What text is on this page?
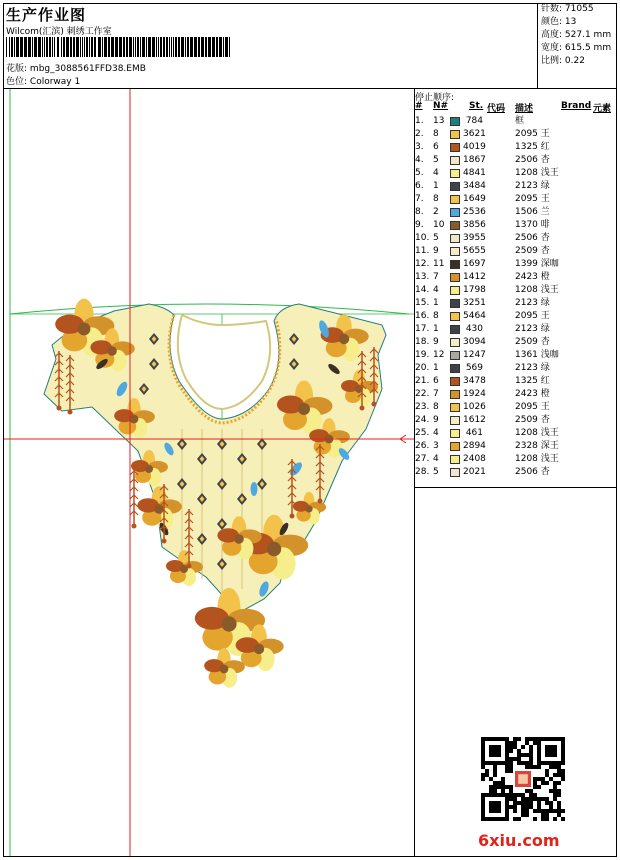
生产作业图
Wilcom(汇滨) 刺绣工作室
花版: mbg_3088561FFD38.EMB
色位: Colorway 1
针数: 71055
颜色: 13
高度: 527.1 mm
宽度: 615.5 mm
比例: 0.22
停止顺序:
# N# St. 代码 描述	Brand 元素
1. 13	784	框
2. 8	3621	2095 王
3. 6	4019	1325 红
4. 5	1867	2506 杏
5. 4	4841	1208 浅王
6. 1	3484	2123 绿
7. 8	1649	2095 王
8. 2	2536	1506 兰
9. 10 3856	1370 啡
10. 5	3955	2506 杏
11. 9	5655	2509 杏
12. 11 1697	1399 深咖
13. 7	1412	2423 橙
14. 4	1798	1208 浅王
15. 1	3251	2123 绿
16. 8	5464	2095 王
17. 1	430	2123 绿
18. 9	3094	2509 杏
19. 12 1247	1361 浅咖
20. 1	569	2123 绿
21. 6	3478	1325 红
22. 7	1924	2423 橙
23. 8	1026	2095 王
24. 9	1612	2509 杏
25. 4	461	1208 浅王
26. 3	2894	2328 深王
27. 4	2408	1208 浅王
28. 5	2021	2506 杏
6xiu.com
